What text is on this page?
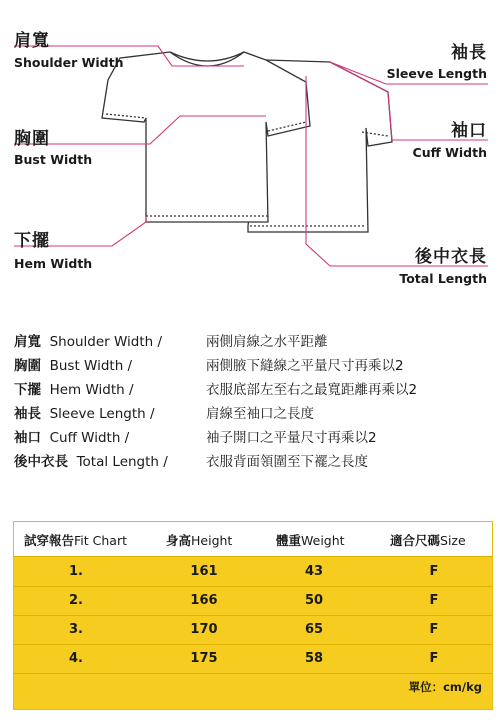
肩寬
Shoulder Width
胸圍
Bust Width
下擺
Hem Width
袖長
Sleeve Length
袖口
Cuff Width
後中衣長
Total Length
肩寬 Shoulder Width /	兩側肩線之水平距離
胸圍 Bust Width /	兩側腋下縫線之平量尺寸再乘以2
下擺 Hem Width /	衣服底部左至右之最寬距離再乘以2
袖長 Sleeve Length /	肩線至袖口之長度
袖口 Cuff Width /	袖子開口之平量尺寸再乘以2
後中衣長 Total Length /	衣服背面領圍至下襬之長度
試穿報告Fit Chart	身高Height	體重Weight	適合尺碼Size
1.	161	43	F
2.	166	50	F
3.	170	65	F
4.	175	58	F
單位：cm/kg
